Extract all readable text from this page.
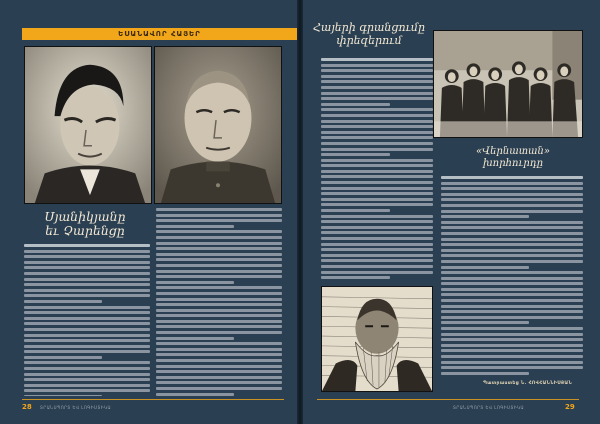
ԵՍԱՆԱՎՈՐ ՀԱՅԵՐ
Սյանիկյանը
եւ Չարենցը
28 ՏՐԱՆՍՊՈՐՏ ԵՎ ԼՈԳԻՍՏԻԿԱ
Հայերի գրանցումը
փրեզերում
«Վերնատան»
խորհուրդը
Պատրաստեց Ն. ՀՈՎՀԱՆՆԻՍՅԱՆ
ՏՐԱՆՍՊՈՐՏ ԵՎ ԼՈԳԻՍՏԻԿԱ	29
